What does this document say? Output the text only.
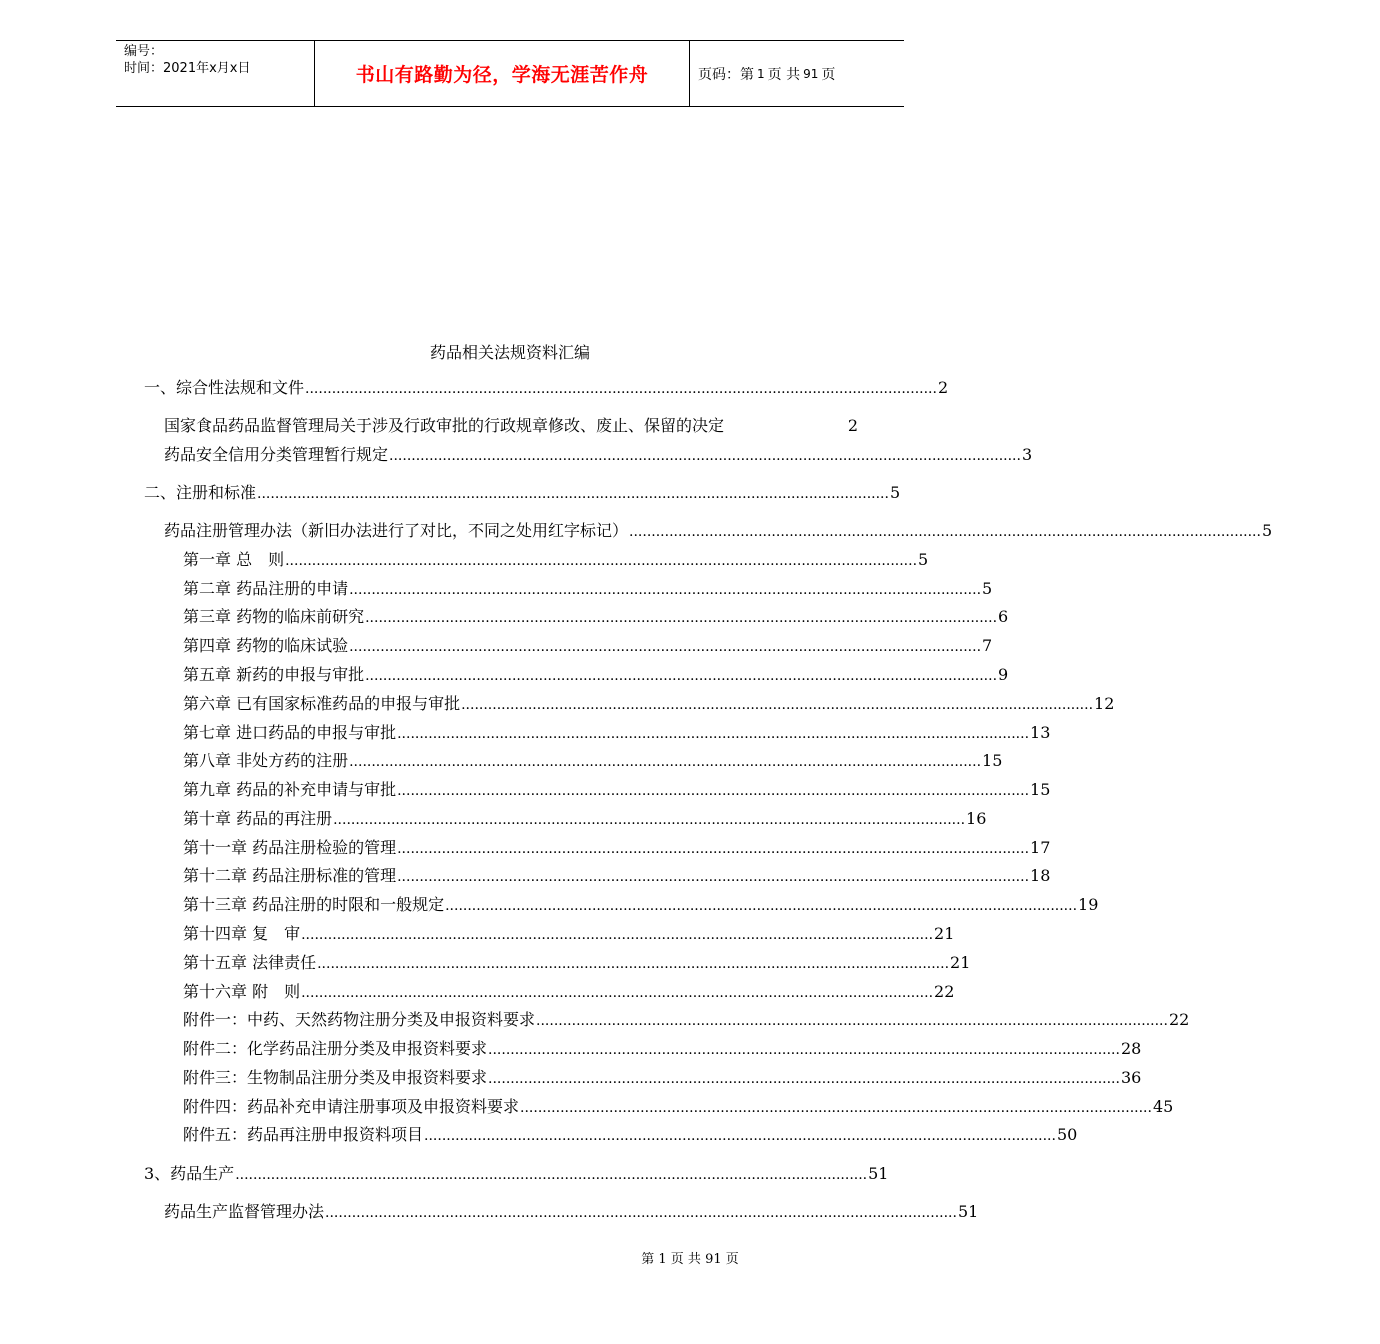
编号：
时间：2021年x月x日	书山有路勤为径，学海无涯苦作舟	页码：第 1 页 共 91 页
药品相关法规资料汇编
一、综合性法规和文件 .............................................................................................................................................. 2
国家食品药品监督管理局关于涉及行政审批的行政规章修改、废止、保留的决定	2
药品安全信用分类管理暂行规定 .............................................................................................................................................. 3
二、注册和标准 .............................................................................................................................................. 5
药品注册管理办法（新旧办法进行了对比，不同之处用红字标记） .............................................................................................................................................. 5
第一章 总　则 .............................................................................................................................................. 5
第二章 药品注册的申请 .............................................................................................................................................. 5
第三章 药物的临床前研究 .............................................................................................................................................. 6
第四章 药物的临床试验 .............................................................................................................................................. 7
第五章 新药的申报与审批 .............................................................................................................................................. 9
第六章 已有国家标准药品的申报与审批 .............................................................................................................................................. 12
第七章 进口药品的申报与审批 .............................................................................................................................................. 13
第八章 非处方药的注册 .............................................................................................................................................. 15
第九章 药品的补充申请与审批 .............................................................................................................................................. 15
第十章 药品的再注册 .............................................................................................................................................. 16
第十一章 药品注册检验的管理 .............................................................................................................................................. 17
第十二章 药品注册标准的管理 .............................................................................................................................................. 18
第十三章 药品注册的时限和一般规定 .............................................................................................................................................. 19
第十四章 复　审 .............................................................................................................................................. 21
第十五章 法律责任 .............................................................................................................................................. 21
第十六章 附　则 .............................................................................................................................................. 22
附件一：中药、天然药物注册分类及申报资料要求 .............................................................................................................................................. 22
附件二：化学药品注册分类及申报资料要求 .............................................................................................................................................. 28
附件三：生物制品注册分类及申报资料要求 .............................................................................................................................................. 36
附件四：药品补充申请注册事项及申报资料要求 .............................................................................................................................................. 45
附件五：药品再注册申报资料项目 .............................................................................................................................................. 50
3、药品生产 .............................................................................................................................................. 51
药品生产监督管理办法 .............................................................................................................................................. 51
第 1 页 共 91 页
